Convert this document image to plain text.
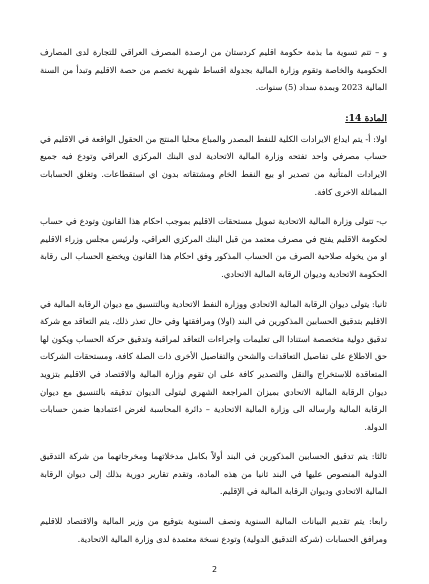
و – تتم تسوية ما بذمة حكومة اقليم كردستان من ارصدة المصرف العراقي للتجارة لدى المصارف الحكومية والخاصة وتقوم وزارة المالية بجدولة اقساط شهرية تخصم من حصة الاقليم وتبدأ من السنة المالية 2023 وبمدة سداد (5) سنوات.

المادة 14:

اولا: أ- يتم ايداع الايرادات الكلية للنفط المصدر والمباع محليا المنتج من الحقول الواقعة في الاقليم في حساب مصرفي واحد تفتحه وزارة المالية الاتحادية لدى البنك المركزي العراقي وتودع فيه جميع الايرادات المتأتية من تصدير او بيع النفط الخام ومشتقاته بدون اي استقطاعات. وتغلق الحسابات المماثلة الاخرى كافة.

ب- تتولى وزارة المالية الاتحادية تمويل مستحقات الاقليم بموجب احكام هذا القانون وتودع في حساب لحكومة الاقليم يفتح في مصرف معتمد من قبل البنك المركزي العراقي، ولرئيس مجلس وزراء الاقليم او من يخوله صلاحية الصرف من الحساب المذكور وفق احكام هذا القانون ويخضع الحساب الى رقابة الحكومة الاتحادية وديوان الرقابة المالية الاتحادي.

ثانيا: يتولى ديوان الرقابة المالية الاتحادي ووزارة النفط الاتحادية وبالتنسيق مع ديوان الرقابة المالية في الاقليم بتدقيق الحسابين المذكورين في البند (اولا) ومرافقتها وفي حال تعذر ذلك، يتم التعاقد مع شركة تدقيق دولية متخصصة استنادا الى تعليمات واجراءات التعاقد لمراقبة وتدقيق حركة الحساب ويكون لها حق الاطلاع على تفاصيل التعاقدات والشحن والتفاصيل الأخرى ذات الصلة كافة، ومستحقات الشركات المتعاقدة للاستخراج والنقل والتصدير كافة على ان تقوم وزارة المالية والاقتصاد في الاقليم بتزويد ديوان الرقابة المالية الاتحادي بميزان المراجعة الشهري ليتولى الديوان تدقيقه بالتنسيق مع ديوان الرقابة المالية وارساله الى وزارة المالية الاتحادية – دائرة المحاسبة لغرض اعتمادها ضمن حسابات الدولة.

ثالثا: يتم تدقيق الحسابين المذكورين في البند أولاً بكامل مدخلاتهما ومخرجاتهما من شركة التدقيق الدولية المنصوص عليها في البند ثانيا من هذه المادة، وتقدم تقارير دورية بذلك إلى ديوان الرقابة المالية الاتحادي وديوان الرقابة المالية في الإقليم.

رابعا: يتم تقديم البيانات المالية السنوية ونصف السنوية بتوقيع من وزير المالية والاقتصاد للاقليم ومرافق الحسابات (شركة التدقيق الدولية) وتودع نسخة معتمدة لدى وزارة المالية الاتحادية.

2
